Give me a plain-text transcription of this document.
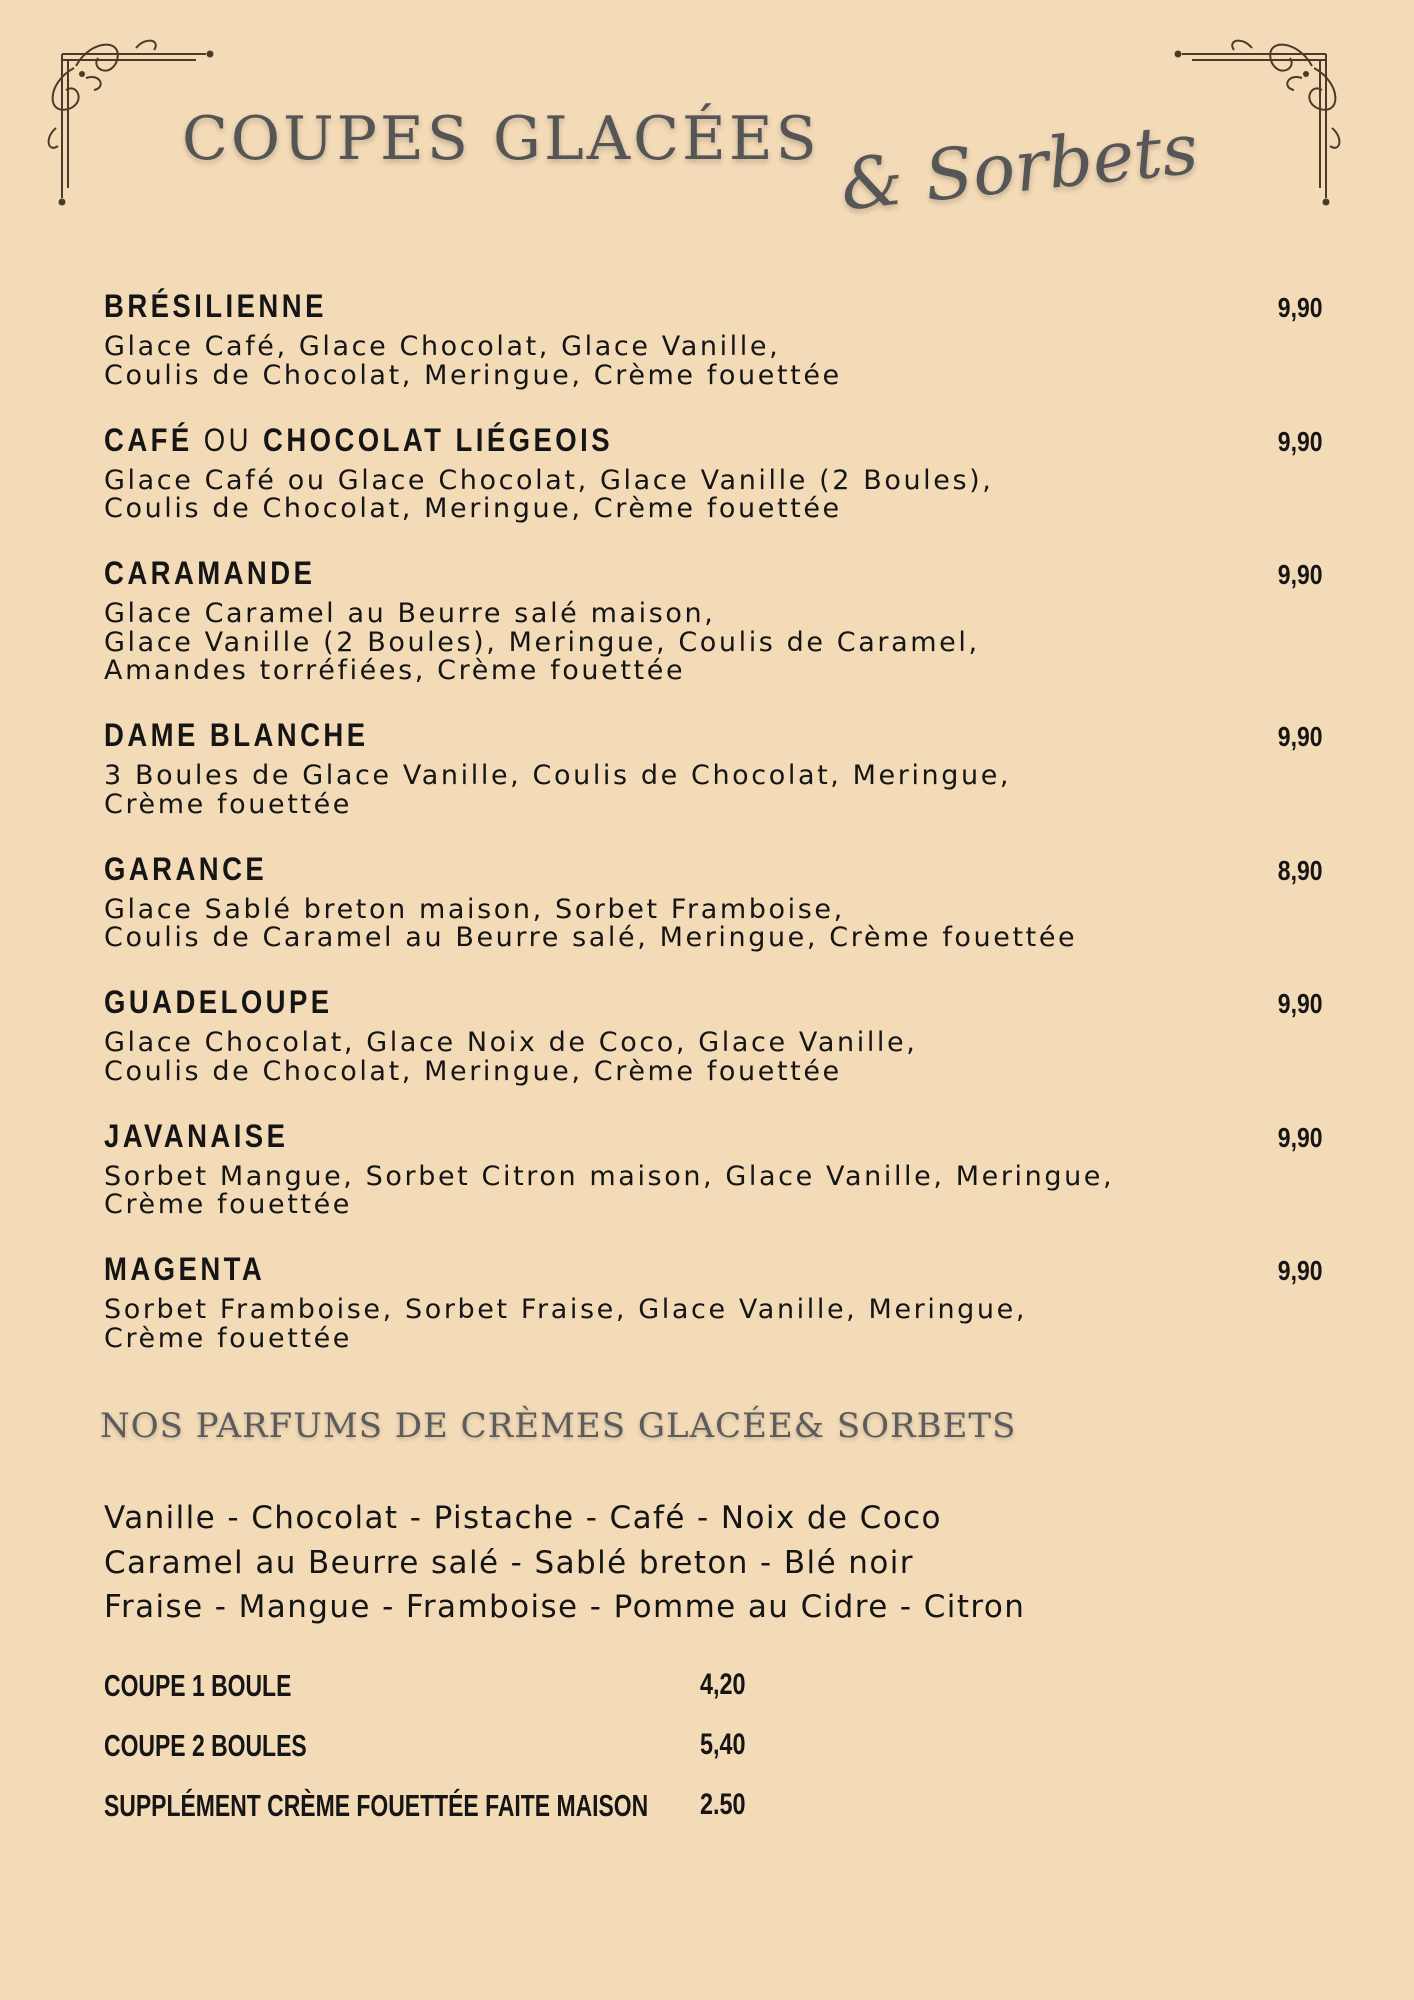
COUPES GLACÉES & Sorbets
BRÉSILIENNE	9,90
Glace Café, Glace Chocolat, Glace Vanille,
Coulis de Chocolat, Meringue, Crème fouettée
CAFÉ OU CHOCOLAT LIÉGEOIS	9,90
Glace Café ou Glace Chocolat, Glace Vanille (2 Boules),
Coulis de Chocolat, Meringue, Crème fouettée
CARAMANDE	9,90
Glace Caramel au Beurre salé maison,
Glace Vanille (2 Boules), Meringue, Coulis de Caramel,
Amandes torréfiées, Crème fouettée
DAME BLANCHE	9,90
3 Boules de Glace Vanille, Coulis de Chocolat, Meringue,
Crème fouettée
GARANCE	8,90
Glace Sablé breton maison, Sorbet Framboise,
Coulis de Caramel au Beurre salé, Meringue, Crème fouettée
GUADELOUPE	9,90
Glace Chocolat, Glace Noix de Coco, Glace Vanille,
Coulis de Chocolat, Meringue, Crème fouettée
JAVANAISE	9,90
Sorbet Mangue, Sorbet Citron maison, Glace Vanille, Meringue,
Crème fouettée
MAGENTA	9,90
Sorbet Framboise, Sorbet Fraise, Glace Vanille, Meringue,
Crème fouettée
NOS PARFUMS DE CRÈMES GLACÉE& SORBETS
Vanille - Chocolat - Pistache - Café - Noix de Coco
Caramel au Beurre salé - Sablé breton - Blé noir
Fraise - Mangue - Framboise - Pomme au Cidre - Citron
COUPE 1 BOULE	4,20
COUPE 2 BOULES	5,40
SUPPLÉMENT CRÈME FOUETTÉE FAITE MAISON 2.50
